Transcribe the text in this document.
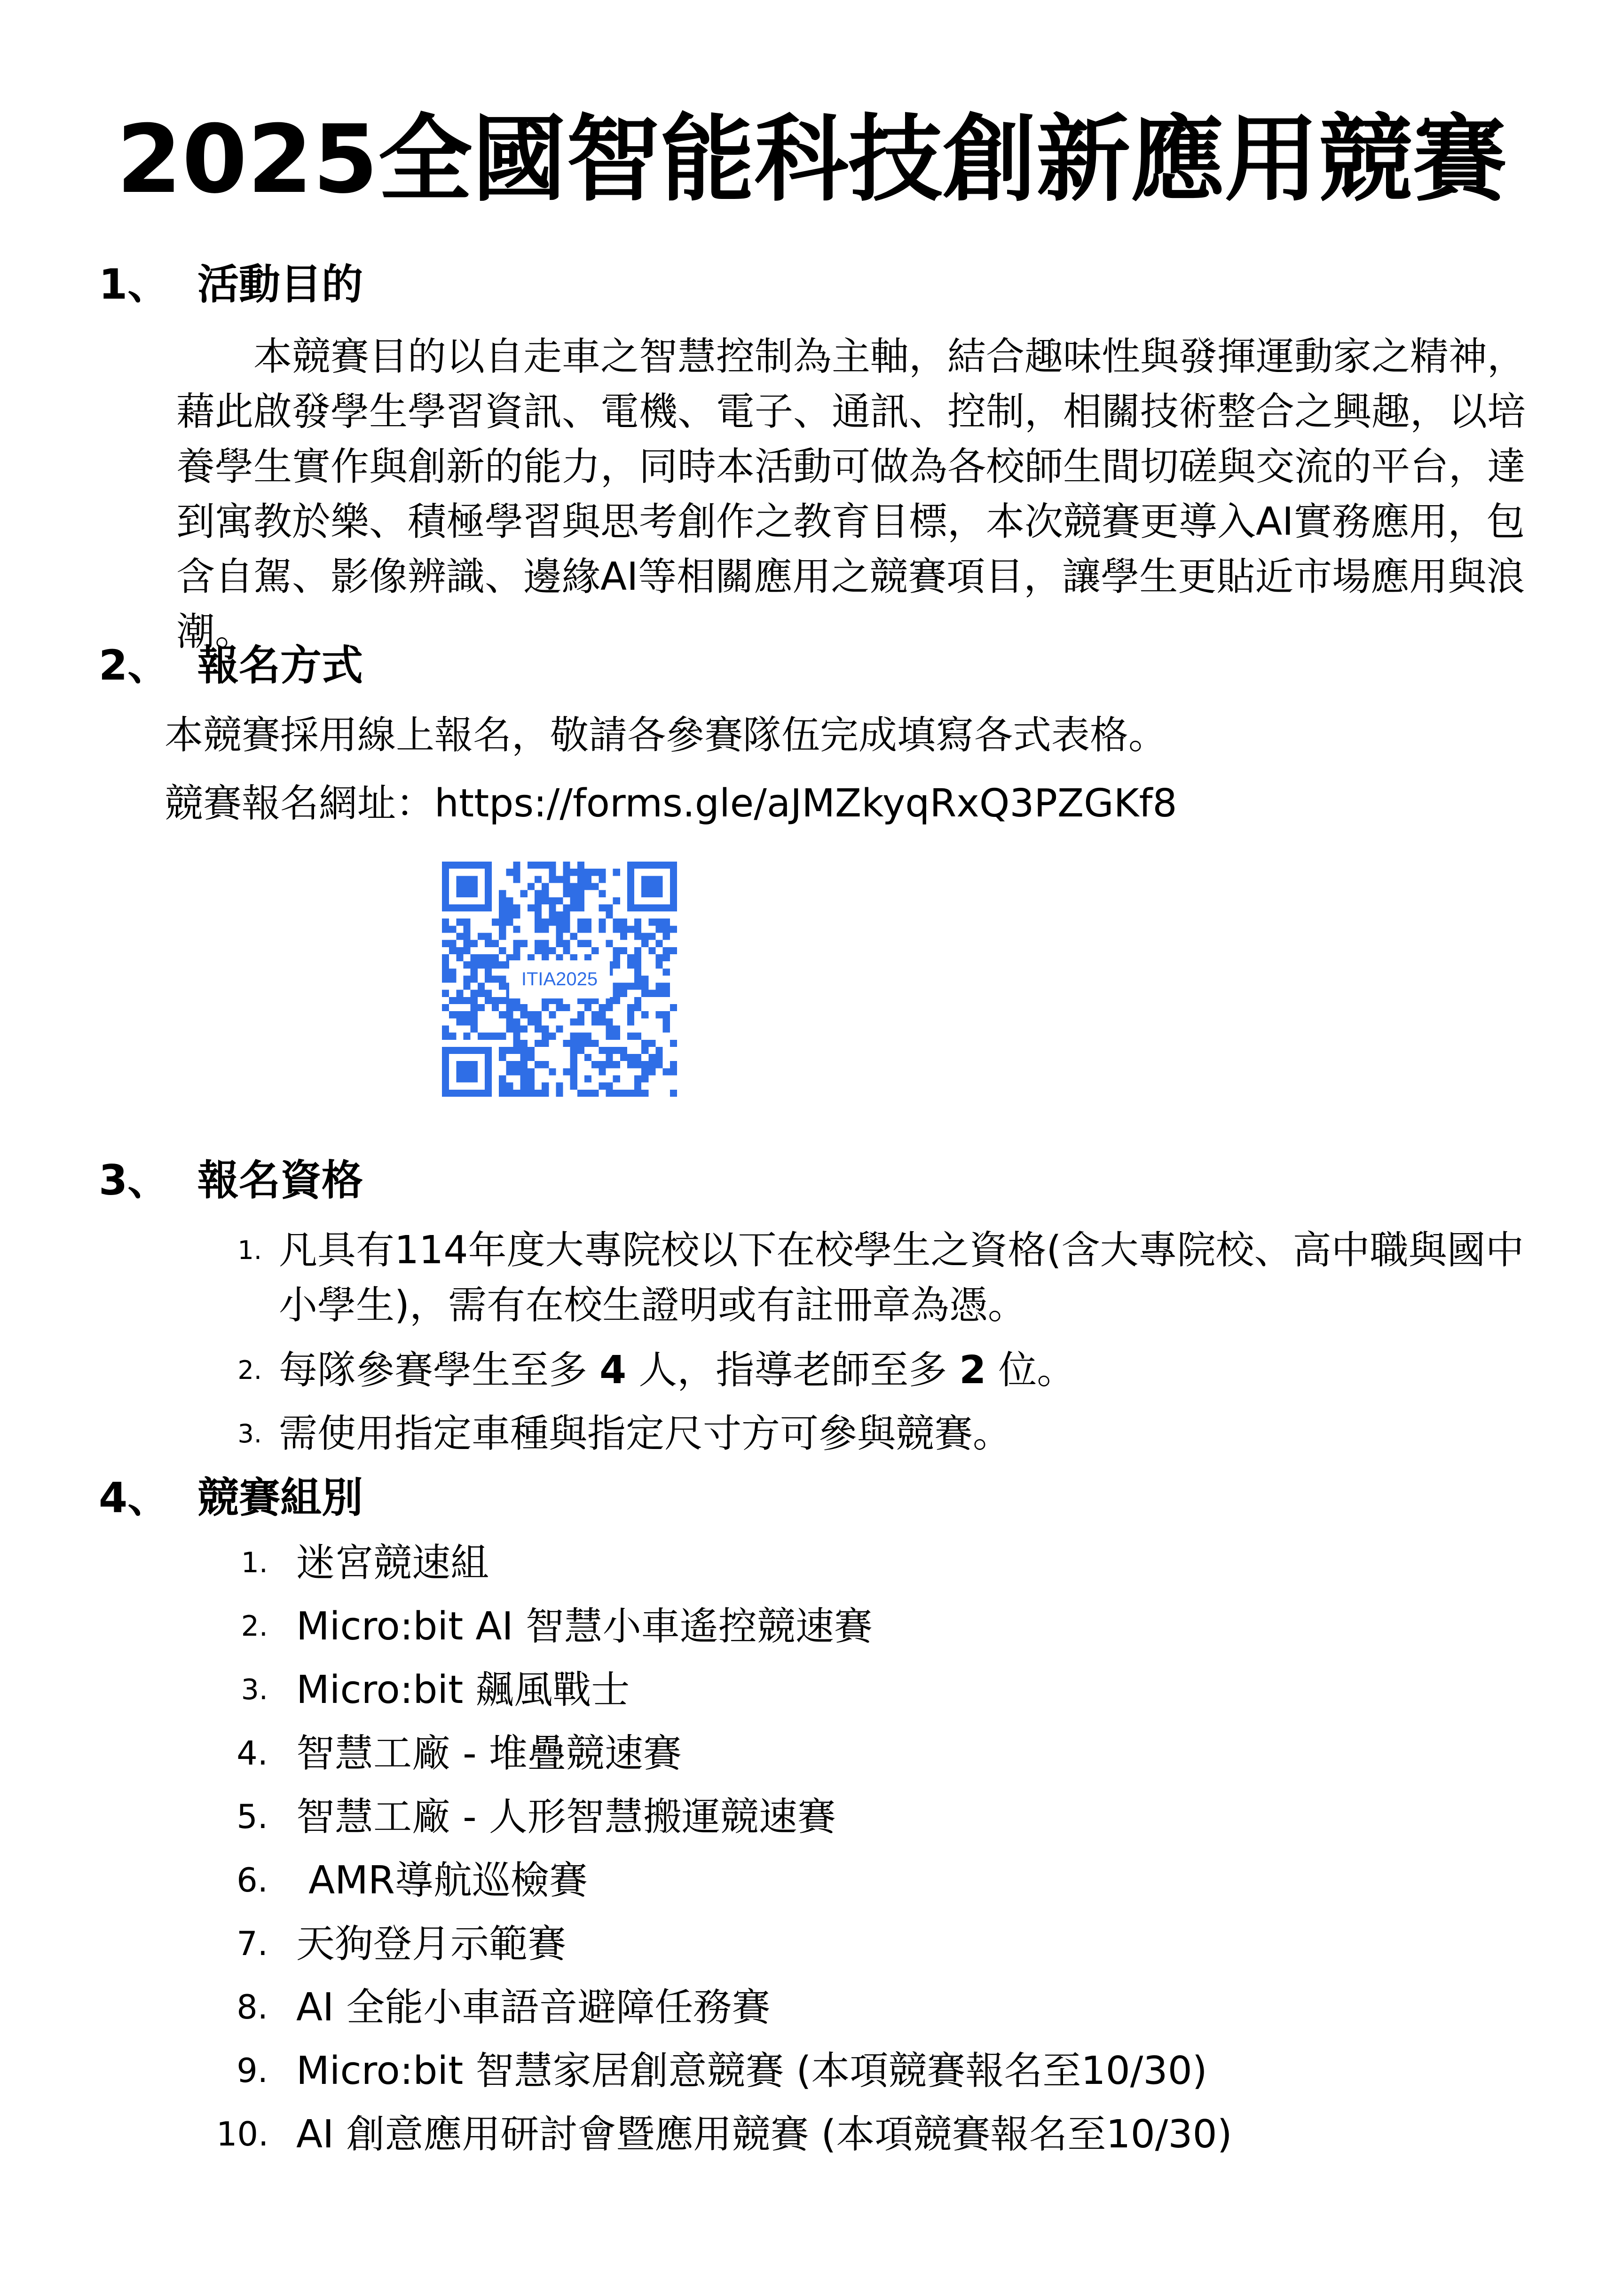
2025全國智能科技創新應用競賽
1、 活動目的
本競賽目的以自走車之智慧控制為主軸，結合趣味性與發揮運動家之精神，
藉此啟發學生學習資訊、電機、電子、通訊、控制，相關技術整合之興趣，以培
養學生實作與創新的能力，同時本活動可做為各校師生間切磋與交流的平台，達
到寓教於樂、積極學習與思考創作之教育目標，本次競賽更導入AI實務應用，包
含自駕、影像辨識、邊緣AI等相關應用之競賽項目，讓學生更貼近市場應用與浪
潮。
2、 報名方式

本競賽採用線上報名，敬請各參賽隊伍完成填寫各式表格。

競賽報名網址：https://forms.gle/aJMZkyqRxQ3PZGKf8

ITIA2025
3、 報名資格
1. 凡具有114年度大專院校以下在校學生之資格(含大專院校、高中職與國中
小學生)，需有在校生證明或有註冊章為憑。
2. 每隊參賽學生至多 4 人，指導老師至多 2 位。
3. 需使用指定車種與指定尺寸方可參與競賽。
4、 競賽組別
1. 迷宮競速組
2. Micro:bit AI 智慧小車遙控競速賽
3. Micro:bit 飆風戰士
4. 智慧工廠 - 堆疊競速賽
5. 智慧工廠 - 人形智慧搬運競速賽
6. AMR導航巡檢賽
7. 天狗登月示範賽
8. AI 全能小車語音避障任務賽
9. Micro:bit 智慧家居創意競賽 (本項競賽報名至10/30)
10. AI 創意應用研討會暨應用競賽 (本項競賽報名至10/30)
